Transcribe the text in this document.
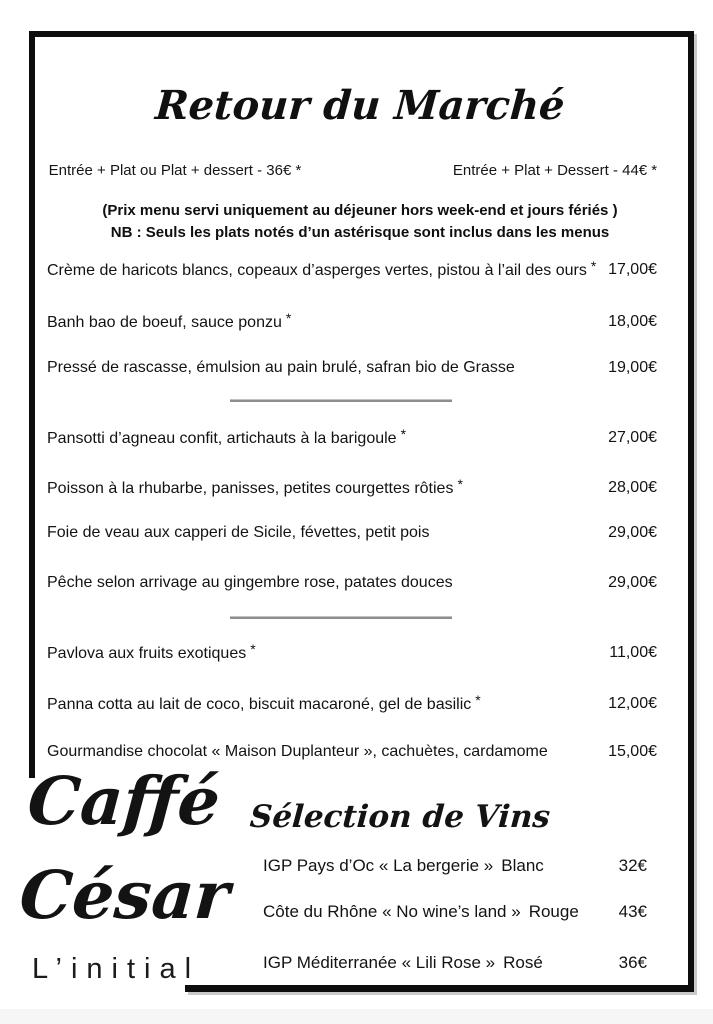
Retour du Marché
Entrée + Plat ou Plat + dessert - 36€ *	Entrée + Plat + Dessert - 44€ *

(Prix menu servi uniquement au déjeuner hors week-end et jours fériés )

NB : Seuls les plats notés d’un astérisque sont inclus dans les menus

Crème de haricots blancs, copeaux d’asperges vertes, pistou à l’ail des ours * 17,00€
Banh bao de boeuf, sauce ponzu *	18,00€
Pressé de rascasse, émulsion au pain brulé, safran bio de Grasse	19,00€
Pansotti d’agneau confit, artichauts à la barigoule *	27,00€
Poisson à la rhubarbe, panisses, petites courgettes rôties *	28,00€
Foie de veau aux capperi de Sicile, févettes, petit pois	29,00€
Pêche selon arrivage au gingembre rose, patates douces	29,00€
Pavlova aux fruits exotiques *	11,00€
Panna cotta au lait de coco, biscuit macaroné, gel de basilic *	12,00€
Gourmandise chocolat « Maison Duplanteur », cachuètes, cardamome	15,00€
Caffé
César
L’initial
Sélection de Vins
IGP Pays d’Oc « La bergerie » Blanc	32€
Côte du Rhône « No wine’s land » Rouge	43€
IGP Méditerranée « Lili Rose » Rosé	36€
